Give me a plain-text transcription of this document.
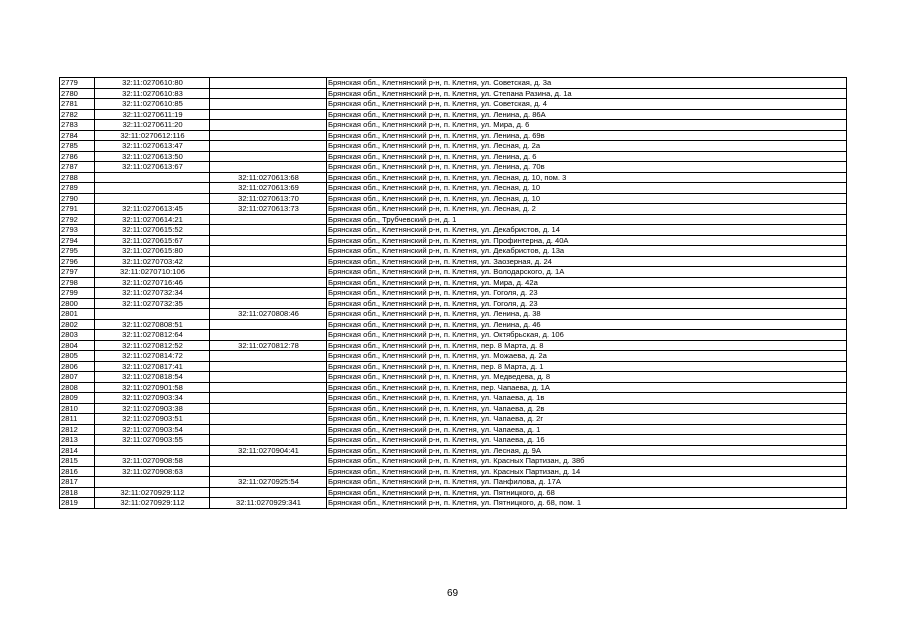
2779	32:11:0270610:80		Брянская обл., Клетнянский р-н, п. Клетня, ул. Советская, д. 3а
2780	32:11:0270610:83		Брянская обл., Клетнянский р-н, п. Клетня, ул. Степана Разина, д. 1а
2781	32:11:0270610:85		Брянская обл., Клетнянский р-н, п. Клетня, ул. Советская, д. 4
2782	32:11:0270611:19		Брянская обл., Клетнянский р-н, п. Клетня, ул. Ленина, д. 86А
2783	32:11:0270611:20		Брянская обл., Клетнянский р-н, п. Клетня, ул. Мира, д. 6
2784	32:11:0270612:116		Брянская обл., Клетнянский р-н, п. Клетня, ул. Ленина, д. 69в
2785	32:11:0270613:47		Брянская обл., Клетнянский р-н, п. Клетня, ул. Лесная, д. 2а
2786	32:11:0270613:50		Брянская обл., Клетнянский р-н, п. Клетня, ул. Ленина, д. 6
2787	32:11:0270613:67		Брянская обл., Клетнянский р-н, п. Клетня, ул. Ленина, д. 70в
2788		32:11:0270613:68	Брянская обл., Клетнянский р-н, п. Клетня, ул. Лесная, д. 10, пом. 3
2789		32:11:0270613:69	Брянская обл., Клетнянский р-н, п. Клетня, ул. Лесная, д. 10
2790		32:11:0270613:70	Брянская обл., Клетнянский р-н, п. Клетня, ул. Лесная, д. 10
2791	32:11:0270613:45	32:11:0270613:73	Брянская обл., Клетнянский р-н, п. Клетня, ул. Лесная, д. 2
2792	32:11:0270614:21		Брянская обл., Трубчевский р-н, д. 1
2793	32:11:0270615:52		Брянская обл., Клетнянский р-н, п. Клетня, ул. Декабристов, д. 14
2794	32:11:0270615:67		Брянская обл., Клетнянский р-н, п. Клетня, ул. Профинтерна, д. 40А
2795	32:11:0270615:80		Брянская обл., Клетнянский р-н, п. Клетня, ул. Декабристов, д. 13а
2796	32:11:0270703:42		Брянская обл., Клетнянский р-н, п. Клетня, ул. Заозерная, д. 24
2797	32:11:0270710:106		Брянская обл., Клетнянский р-н, п. Клетня, ул. Володарского, д. 1А
2798	32:11:0270716:46		Брянская обл., Клетнянский р-н, п. Клетня, ул. Мира, д. 42а
2799	32:11:0270732:34		Брянская обл., Клетнянский р-н, п. Клетня, ул. Гоголя, д. 23
2800	32:11:0270732:35		Брянская обл., Клетнянский р-н, п. Клетня, ул. Гоголя, д. 23
2801		32:11:0270808:46	Брянская обл., Клетнянский р-н, п. Клетня, ул. Ленина, д. 38
2802	32:11:0270808:51		Брянская обл., Клетнянский р-н, п. Клетня, ул. Ленина, д. 46
2803	32:11:0270812:64		Брянская обл., Клетнянский р-н, п. Клетня, ул. Октябрьская, д. 106
2804	32:11:0270812:52	32:11:0270812:78	Брянская обл., Клетнянский р-н, п. Клетня, пер. 8 Марта, д. 8
2805	32:11:0270814:72		Брянская обл., Клетнянский р-н, п. Клетня, ул. Можаева, д. 2а
2806	32:11:0270817:41		Брянская обл., Клетнянский р-н, п. Клетня, пер. 8 Марта, д. 1
2807	32:11:0270818:54		Брянская обл., Клетнянский р-н, п. Клетня, ул. Медведева, д. 8
2808	32:11:0270901:58		Брянская обл., Клетнянский р-н, п. Клетня, пер. Чапаева, д. 1А
2809	32:11:0270903:34		Брянская обл., Клетнянский р-н, п. Клетня, ул. Чапаева, д. 1в
2810	32:11:0270903:38		Брянская обл., Клетнянский р-н, п. Клетня, ул. Чапаева, д. 2в
2811	32:11:0270903:51		Брянская обл., Клетнянский р-н, п. Клетня, ул. Чапаева, д. 2г
2812	32:11:0270903:54		Брянская обл., Клетнянский р-н, п. Клетня, ул. Чапаева, д. 1
2813	32:11:0270903:55		Брянская обл., Клетнянский р-н, п. Клетня, ул. Чапаева, д. 16
2814		32:11:0270904:41	Брянская обл., Клетнянский р-н, п. Клетня, ул. Лесная, д. 9А
2815	32:11:0270908:58		Брянская обл., Клетнянский р-н, п. Клетня, ул. Красных Партизан, д. 38б
2816	32:11:0270908:63		Брянская обл., Клетнянский р-н, п. Клетня, ул. Красных Партизан, д. 14
2817		32:11:0270925:54	Брянская обл., Клетнянский р-н, п. Клетня, ул. Панфилова, д. 17А
2818	32:11:0270929:112		Брянская обл., Клетнянский р-н, п. Клетня, ул. Пятницкого, д. 68
2819	32:11:0270929:112	32:11:0270929:341	Брянская обл., Клетнянский р-н, п. Клетня, ул. Пятницкого, д. 68, пом. 1
69
